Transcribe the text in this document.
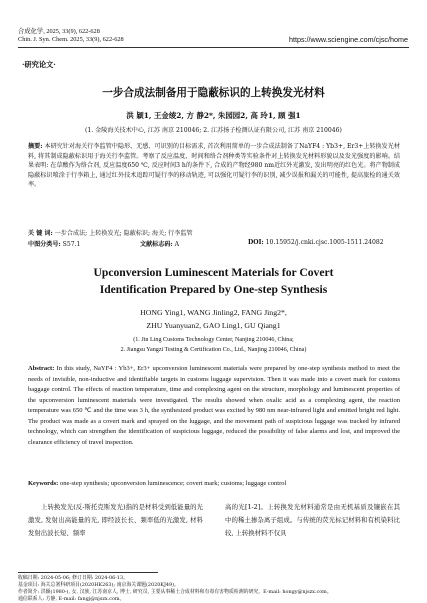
合成化学, 2025, 33(9), 622-628
Chin. J. Syn. Chem. 2025, 33(9), 622-628	https://www.sciengine.com/cjsc/home
·研究论文·
一步合成法制备用于隐蔽标识的上转换发光材料
洪 颖1, 王金绫2, 方 静2*, 朱园园2, 高 玲1, 顾 强1
(1. 金陵海关技术中心, 江苏 南京 210046; 2. 江苏扬子检测认证有限公司, 江苏 南京 210046)
摘要: 本研究针对海关行李监管中隐形、无感、可识别的目标需求, 首次利用简单的一步合成法制备了NaYF4 : Yb3+, Er3+上转换发光材料, 将其制成隐蔽标识用于海关行李监管。考察了反应温度、时间和络合剂种类等实验条件对上转换发光材料形貌以及发光强度的影响。结果表明: 在草酸作为络合剂, 反应温度650 ℃, 反应时间3 h的条件下, 合成的产物经980 nm近红外光激发, 发出明亮的红色光。将产物制成隐蔽标识喷涂于行李箱上, 通过红外技术追踪可疑行李的移动轨迹, 可以强化可疑行李的识别, 减少误报和漏关的可能性, 提高旅检的通关效率。
关 键 词: 一步合成法; 上转换发光; 隐蔽标识; 海关; 行李监管
中图分类号: S57.1	文献标志码: A	DOI: 10.15952/j.cnki.cjsc.1005-1511.24082
Upconversion Luminescent Materials for Covert
Identification Prepared by One-step Synthesis
HONG Ying1, WANG Jinling2, FANG Jing2*,
ZHU Yuanyuan2, GAO Ling1, GU Qiang1
(1. Jin Ling Customs Technology Center, Nanjing 210046, China;
2. Jiangsu Yangzi Testing & Certification Co., Ltd., Nanjing 210046, China)
Abstract: In this study, NaYF4 : Yb3+, Er3+ upconversion luminescent materials were prepared by one-step synthesis method to meet the needs of invisible, non-inductive and identifiable targets in customs luggage supervision. Then it was made into a covert mark for customs baggage control. The effects of reaction temperature, time and complexing agent on the structure, morphology and luminescent properties of the upconversion luminescent materials were investigated. The results showed when oxalic acid as a complexing agent, the reaction temperature was 650 ℃ and the time was 3 h, the synthesized product was excited by 980 nm near-infrared light and emitted bright red light. The product was made as a covert mark and sprayed on the luggage, and the movement path of suspicious luggage was tracked by infrared technology, which can strengthen the identification of suspicious luggage, reduced the possibility of false alarms and lost, and improved the clearance efficiency of travel inspection.
Keywords: one-step synthesis; upconversion luminescence; covert mark; customs; luggage control

上转换发光(反-斯托克斯发光)指的是材料受到低能量的光激发, 发射出高能量的光, 即经波长长、频率低的光激发, 材料发射出波长短、频率

高的光[1-2]。上转换发光材料通常是由无机基质及镶嵌在其中的稀土掺杂离子组成。与传统的荧光标记材料和有机染料比较, 上转换材料不仅具

收稿日期: 2024-05-06; 修订日期: 2024-06-13。
基金项目: 海关总署科研项目(2020HK263); 南京海关课题(2020KJ49)。
作者简介: 洪颖(1980-), 女, 汉族, 江苏南京人, 博士, 研究员, 主要从事稀土合成材料和有毒有害物质检测的研究。E-mail: hongy@njszx.com。
通信联系人: 方静, E-mail: fangj@njszx.com。
